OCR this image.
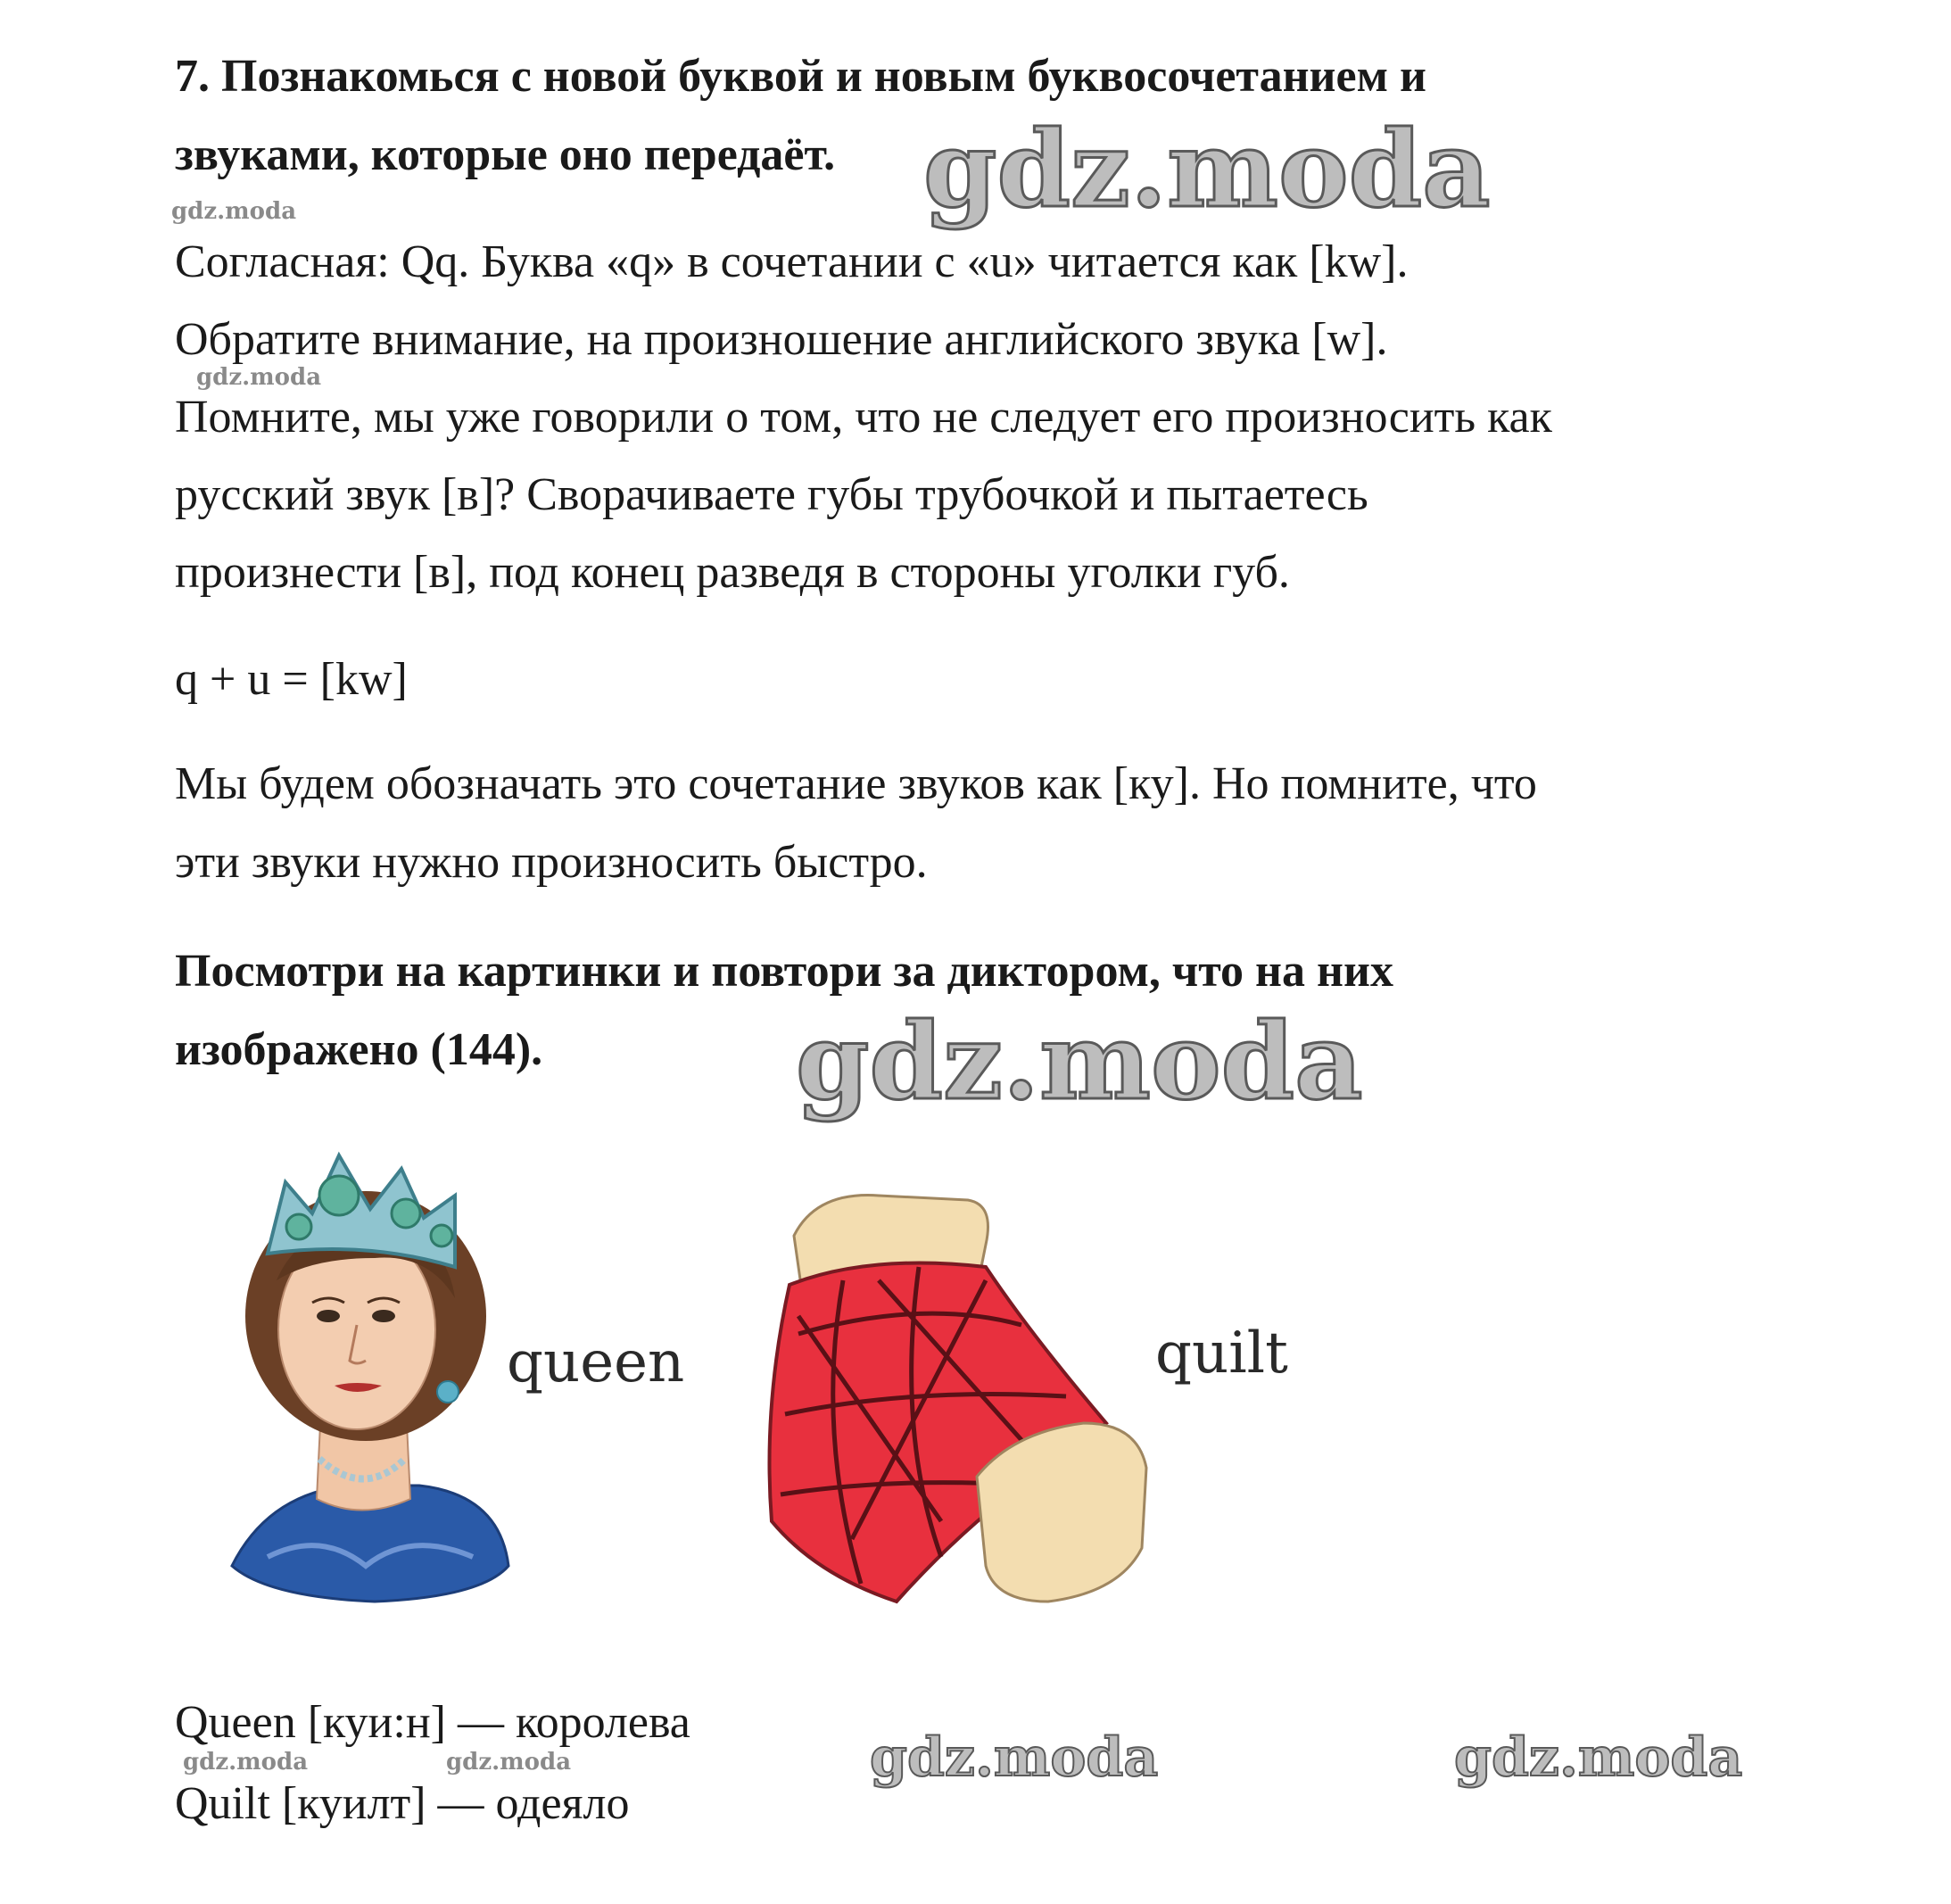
7. Познакомься с новой буквой и новым буквосочетанием и
звуками, которые оно передаёт.
Согласная: Qq. Буква «q» в сочетании с «u» читается как [kw].
Обратите внимание, на произношение английского звука [w].
Помните, мы уже говорили о том, что не следует его произносить как
русский звук [в]? Сворачиваете губы трубочкой и пытаетесь
произнести [в], под конец разведя в стороны уголки губ.
q + u = [kw]
Мы будем обозначать это сочетание звуков как [ку]. Но помните, что
эти звуки нужно произносить быстро.
Посмотри на картинки и повтори за диктором, что на них
изображено (144).
queen	quilt
Queen [куи:н] — королева
Quilt [куилт] — одеяло
gdz.moda
gdz.moda
gdz.moda	gdz.moda
gdz.moda
gdz.moda
gdz.moda	gdz.moda
